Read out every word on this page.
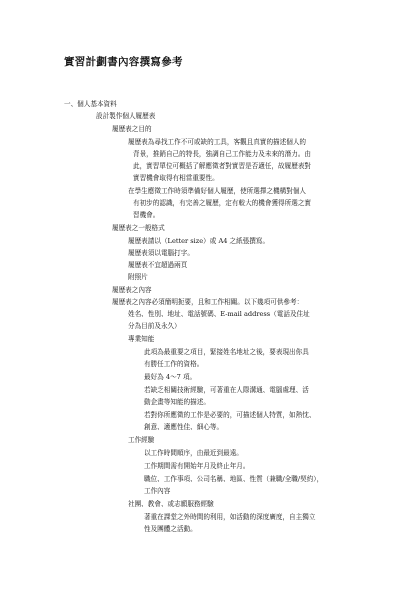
實習計劃書內容撰寫參考
一、個人基本資料
設計製作個人履歷表
履歷表之目的
履歷表為尋找工作不可或缺的工具，客觀且真實的描述個人的
背景，推銷自己的特長，強調自己工作能力及未來的潛力。由
此，實習單位可概括了解應徵者對實習是否適任，故履歷表對
實習機會取得有相當重要性。
在學生應徵工作時須準備好個人履歷，使所選擇之機構對個人
有初步的認識，有完善之履歷，定有較大的機會獲得所選之實
習機會。
履歷表之一般格式
履歷表請以（Letter size）或 A4 之紙張撰寫。
履歷表須以電腦打字。
履歷表不宜超過兩頁
附照片
履歷表之內容
履歷表之內容必須簡明扼要，且和工作相關。以下幾項可供參考：
姓名、性別、地址、電話號碼、E-mail address（電話及住址
分為目前及永久）
專業知能
此項為最重要之項目，緊接姓名地址之後，要表現出你具
有勝任工作的資格。
最好為 4～7 項。
若缺乏相關技術經驗，可著重在人際溝通、電腦處理、活
動企畫等知能的描述。
若對你所應徵的工作是必要的，可描述個人特質，如熱忱、
創意、適應性佳、細心等。
工作經驗
以工作時間順序，由最近到最遠。
工作期間需有開始年月及終止年月。
職位、工作事項、公司名稱、地區、性質（兼職/全職/契約），
工作內容
社團、教會、或志願服務經驗
著重在課堂之外時間的利用，如活動的深度廣度，自主獨立
性及團體之活動。
